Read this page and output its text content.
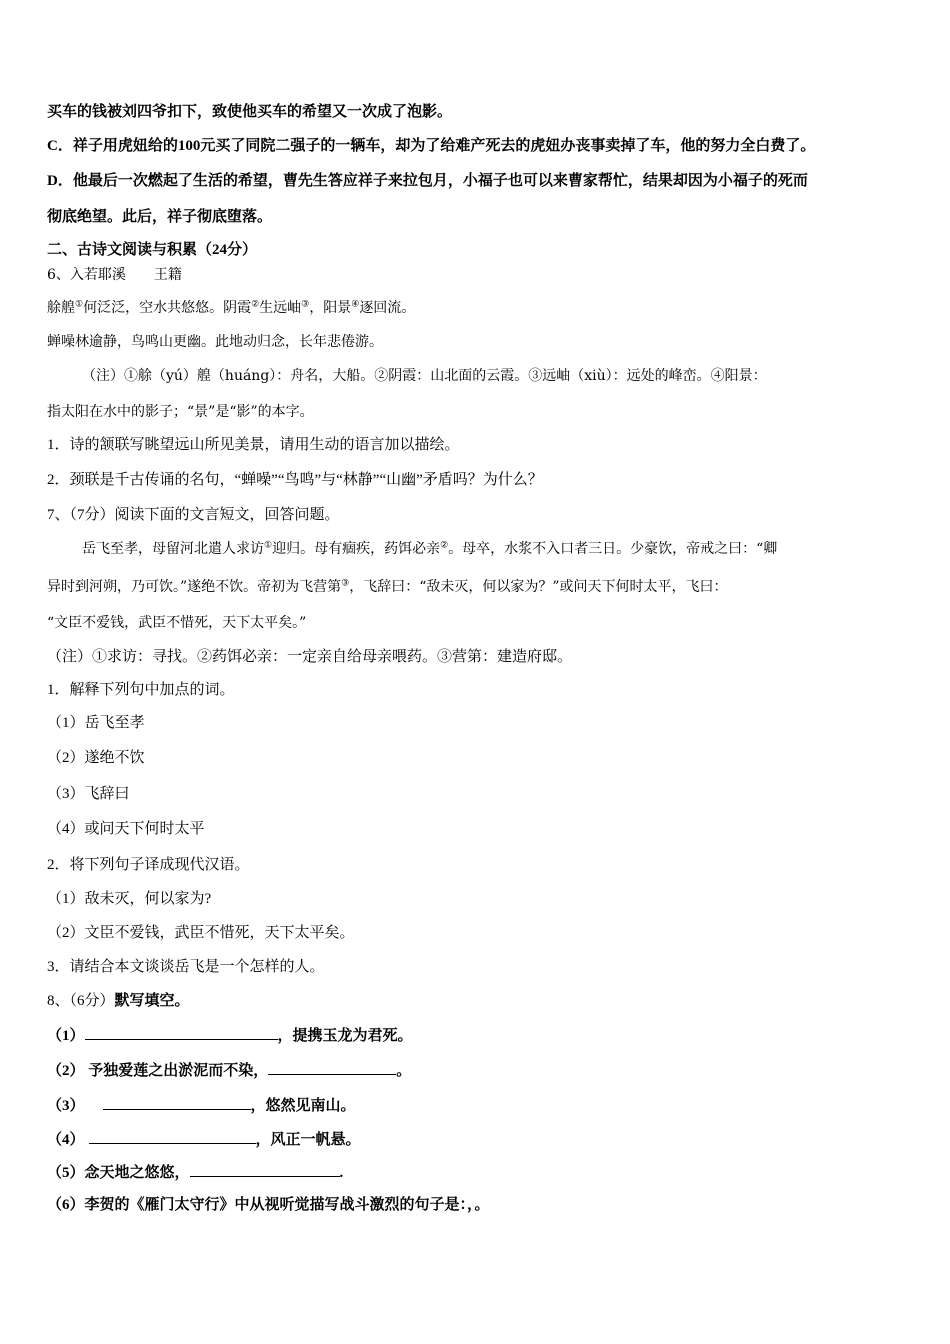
买车的钱被刘四爷扣下，致使他买车的希望又一次成了泡影。
C．祥子用虎妞给的100元买了同院二强子的一辆车，却为了给难产死去的虎妞办丧事卖掉了车，他的努力全白费了。
D．他最后一次燃起了生活的希望，曹先生答应祥子来拉包月，小福子也可以来曹家帮忙，结果却因为小福子的死而
彻底绝望。此后，祥子彻底堕落。
二、古诗文阅读与积累（24分）
6、入若耶溪　　王籍
艅艎①何泛泛，空水共悠悠。阴霞②生远岫③，阳景④逐回流。
蝉噪林逾静，鸟鸣山更幽。此地动归念，长年悲倦游。
（注）①艅（yú）艎（huáng）：舟名，大船。②阴霞：山北面的云霞。③远岫（xiù）：远处的峰峦。④阳景：
指太阳在水中的影子；“景”是“影”的本字。
1．诗的颔联写眺望远山所见美景，请用生动的语言加以描绘。
2．颈联是千古传诵的名句，“蝉噪”“鸟鸣”与“林静”“山幽”矛盾吗？为什么？
7、（7分）阅读下面的文言短文，回答问题。
岳飞至孝，母留河北遣人求访①迎归。母有痼疾，药饵必亲②。母卒，水浆不入口者三日。少豪饮，帝戒之曰：“卿
异时到河朔，乃可饮。”遂绝不饮。帝初为飞营第③，飞辞曰：“敌未灭，何以家为？”或问天下何时太平，飞曰：
“文臣不爱钱，武臣不惜死，天下太平矣。”
（注）①求访：寻找。②药饵必亲：一定亲自给母亲喂药。③营第：建造府邸。
1．解释下列句中加点的词。
（1）岳飞至孝
（2）遂绝不饮
（3）飞辞曰
（4）或问天下何时太平
2．将下列句子译成现代汉语。
（1）敌未灭，何以家为?
（2）文臣不爱钱，武臣不惜死，天下太平矣。
3．请结合本文谈谈岳飞是一个怎样的人。
8、（6分）默写填空。
（1）	，提携玉龙为君死。
（2） 予独爱莲之出淤泥而不染，	。
（3）	，悠然见南山。
（4）	，风正一帆悬。
（5）念天地之悠悠，	.
（6）李贺的《雁门太守行》中从视听觉描写战斗激烈的句子是：，。
